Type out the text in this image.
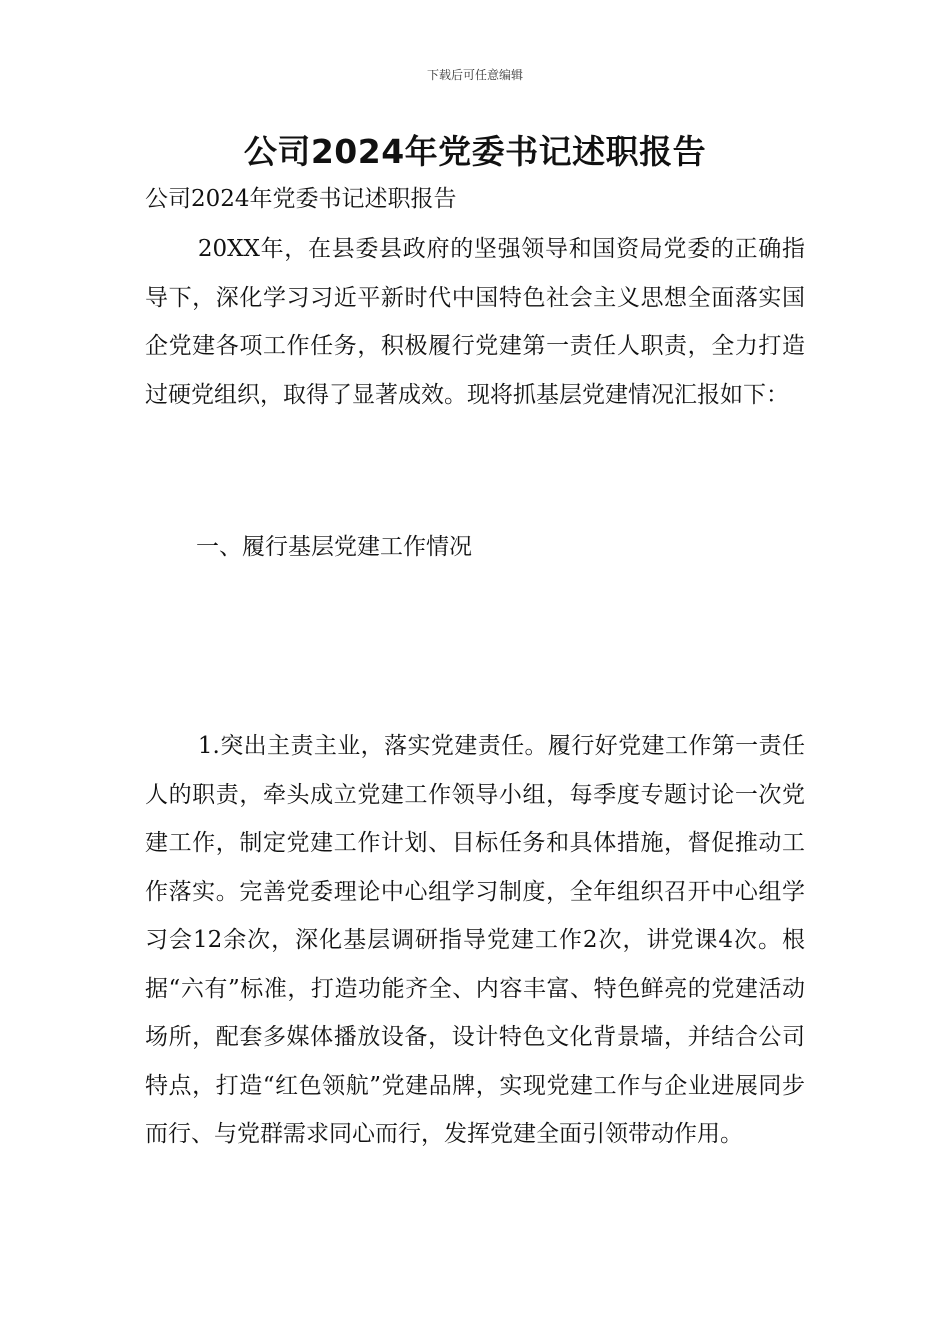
下载后可任意编辑
公司2024年党委书记述职报告
公司2024年党委书记述职报告

20XX年，在县委县政府的坚强领导和国资局党委的正确指导下，深化学习习近平新时代中国特色社会主义思想全面落实国企党建各项工作任务，积极履行党建第一责任人职责，全力打造过硬党组织，取得了显著成效。现将抓基层党建情况汇报如下：

一、履行基层党建工作情况

1.突出主责主业，落实党建责任。履行好党建工作第一责任人的职责，牵头成立党建工作领导小组，每季度专题讨论一次党建工作，制定党建工作计划、目标任务和具体措施，督促推动工作落实。完善党委理论中心组学习制度，全年组织召开中心组学习会12余次，深化基层调研指导党建工作2次，讲党课4次。根据“六有”标准，打造功能齐全、内容丰富、特色鲜亮的党建活动场所，配套多媒体播放设备，设计特色文化背景墙，并结合公司特点，打造“红色领航”党建品牌，实现党建工作与企业进展同步而行、与党群需求同心而行，发挥党建全面引领带动作用。
